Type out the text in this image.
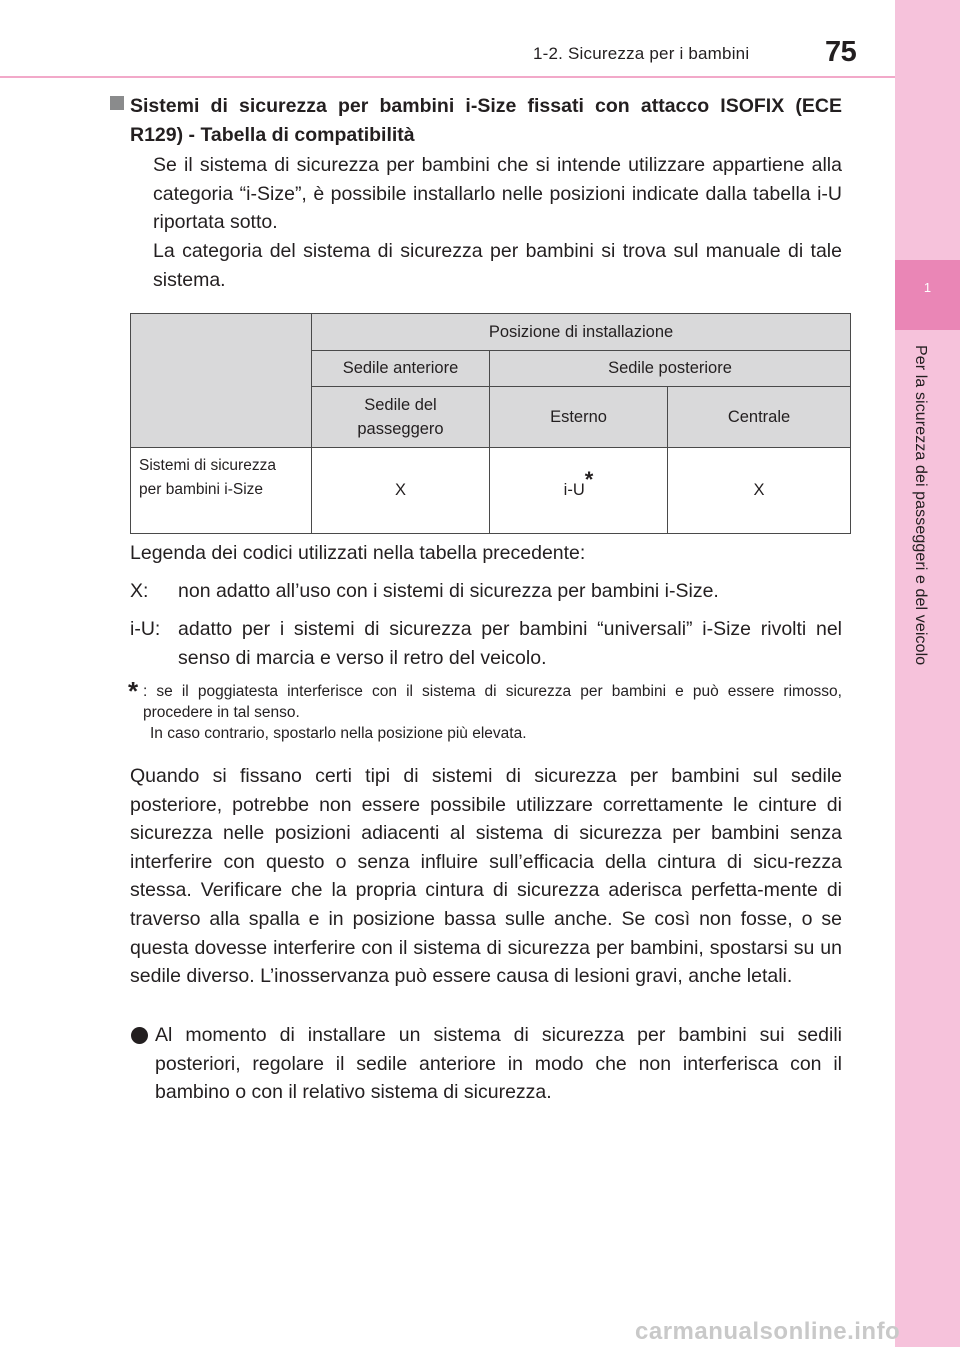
1-2. Sicurezza per i bambini	75
1
Per la sicurezza dei passeggeri e del veicolo
Sistemi di sicurezza per bambini i-Size fissati con attacco ISOFIX (ECE R129) - Tabella di compatibilità
Se il sistema di sicurezza per bambini che si intende utilizzare appartiene alla categoria “i-Size”, è possibile installarlo nelle posizioni indicate dalla tabella i-U riportata sotto.
La categoria del sistema di sicurezza per bambini si trova sul manuale di tale sistema.
	Posizione di installazione		
	Sedile anteriore	Sedile posteriore	
	Sedile del passeggero	Esterno	Centrale
Sistemi di sicurezza per bambini i-Size	X	i-U*	X
Legenda dei codici utilizzati nella tabella precedente:
X:	non adatto all’uso con i sistemi di sicurezza per bambini i-Size.
i-U: adatto per i sistemi di sicurezza per bambini “universali” i-Size rivolti nel senso di marcia e verso il retro del veicolo.
* : se il poggiatesta interferisce con il sistema di sicurezza per bambini e può essere rimosso, procedere in tal senso.
In caso contrario, spostarlo nella posizione più elevata.
Quando si fissano certi tipi di sistemi di sicurezza per bambini sul sedile posteriore, potrebbe non essere possibile utilizzare correttamente le cinture di sicurezza nelle posizioni adiacenti al sistema di sicurezza per bambini senza interferire con questo o senza influire sull’efficacia della cintura di sicu-rezza stessa. Verificare che la propria cintura di sicurezza aderisca perfetta-mente di traverso alla spalla e in posizione bassa sulle anche. Se così non fosse, o se questa dovesse interferire con il sistema di sicurezza per bambini, spostarsi su un sedile diverso. L’inosservanza può essere causa di lesioni gravi, anche letali.
Al momento di installare un sistema di sicurezza per bambini sui sedili posteriori, regolare il sedile anteriore in modo che non interferisca con il bambino o con il relativo sistema di sicurezza.
carmanualsonline.info
